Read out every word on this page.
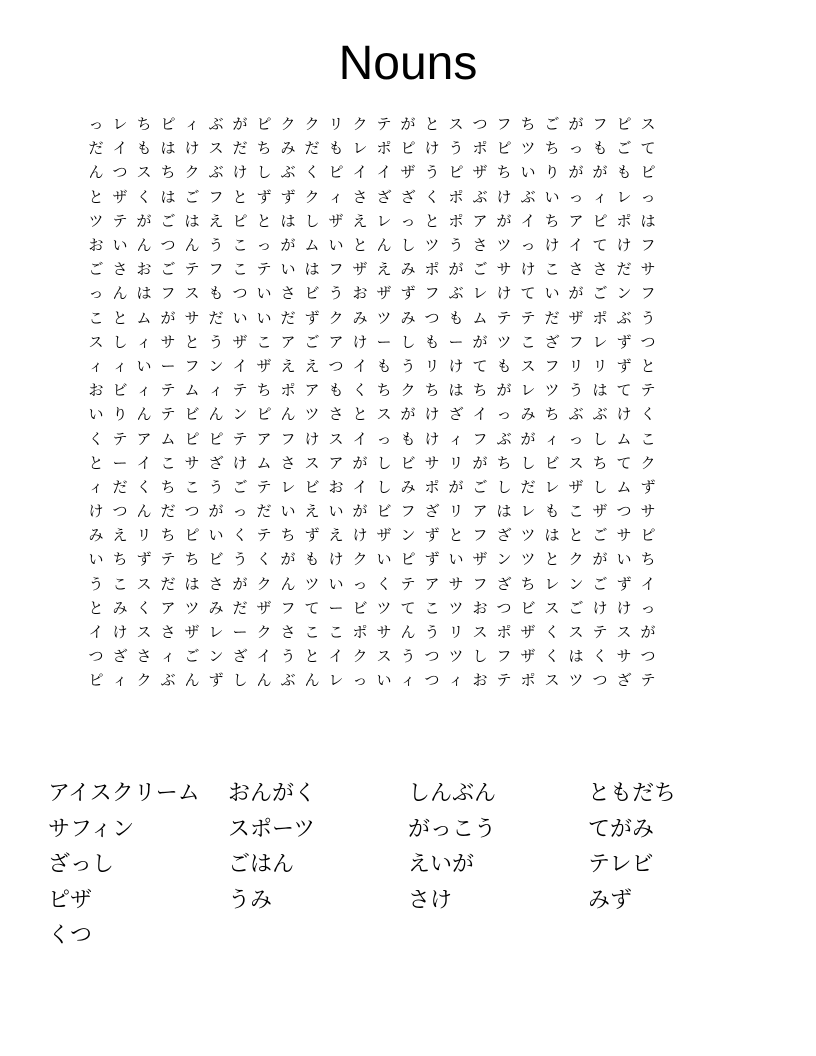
Nouns
っ レ ち ピ ィ ぶ が ピ ク ク リ ク テ が と ス つ フ ち ご が フ ピ ス
だ イ も は け ス だ ち み だ も レ ポ ピ け う ポ ピ ツ ち っ も ご て
ん つ ス ち ク ぶ け し ぶ く ピ イ イ ザ う ピ ザ ち い り が が も ピ
と ザ く は ご フ と ず ず ク ィ さ ざ ざ く ポ ぶ け ぶ い っ ィ レ っ
ツ テ が ご は え ピ と は し ザ え レ っ と ポ ア が イ ち ア ピ ポ は
お い ん つ ん う こ っ が ム い と ん し ツ う さ ツ っ け イ て け フ
ご さ お ご テ フ こ テ い は フ ザ え み ポ が ご サ け こ さ さ だ サ
っ ん は フ ス も つ い さ ビ う お ザ ず フ ぶ レ け て い が ご ン フ
こ と ム が サ だ い い だ ず ク み ツ み つ も ム テ テ だ ザ ポ ぶ う
ス し ィ サ と う ザ こ ア ご ア け ー し も ー が ツ こ ざ フ レ ず つ
ィ ィ い ー フ ン イ ザ え え つ イ も う リ け て も ス フ リ リ ず と
お ビ ィ テ ム ィ テ ち ポ ア も く ち ク ち は ち が レ ツ う は て テ
い り ん テ ビ ん ン ピ ん ツ さ と ス が け ざ イ っ み ち ぶ ぶ け く
く テ ア ム ピ ピ テ ア フ け ス イ っ も け ィ フ ぶ が ィ っ し ム こ
と ー イ こ サ ざ け ム さ ス ア が し ビ サ リ が ち し ビ ス ち て ク
ィ だ く ち こ う ご テ レ ビ お イ し み ポ が ご し だ レ ザ し ム ず
け つ ん だ つ が っ だ い え い が ビ フ ざ リ ア は レ も こ ザ つ サ
み え リ ち ピ い く テ ち ず え け ザ ン ず と フ ざ ツ は と ご サ ピ
い ち ず テ ち ビ う く が も け ク い ピ ず い ザ ン ツ と ク が い ち
う こ ス だ は さ が ク ん ツ い っ く テ ア サ フ ざ ち レ ン ご ず イ
と み く ア ツ み だ ザ フ て ー ビ ツ て こ ツ お つ ビ ス ご け け っ
イ け ス さ ザ レ ー ク さ こ こ ポ サ ん う リ ス ポ ザ く ス テ ス が
つ ざ さ ィ ご ン ざ イ う と イ ク ス う つ ツ し フ ザ く は く サ つ
ピ ィ ク ぶ ん ず し ん ぶ ん レ っ い ィ つ ィ お テ ポ ス ツ つ ざ テ
アイスクリーム	おんがく	しんぶん	ともだち
サフィン	スポーツ	がっこう	てがみ
ざっし	ごはん	えいが	テレビ
ピザ	うみ	さけ	みず
くつ
